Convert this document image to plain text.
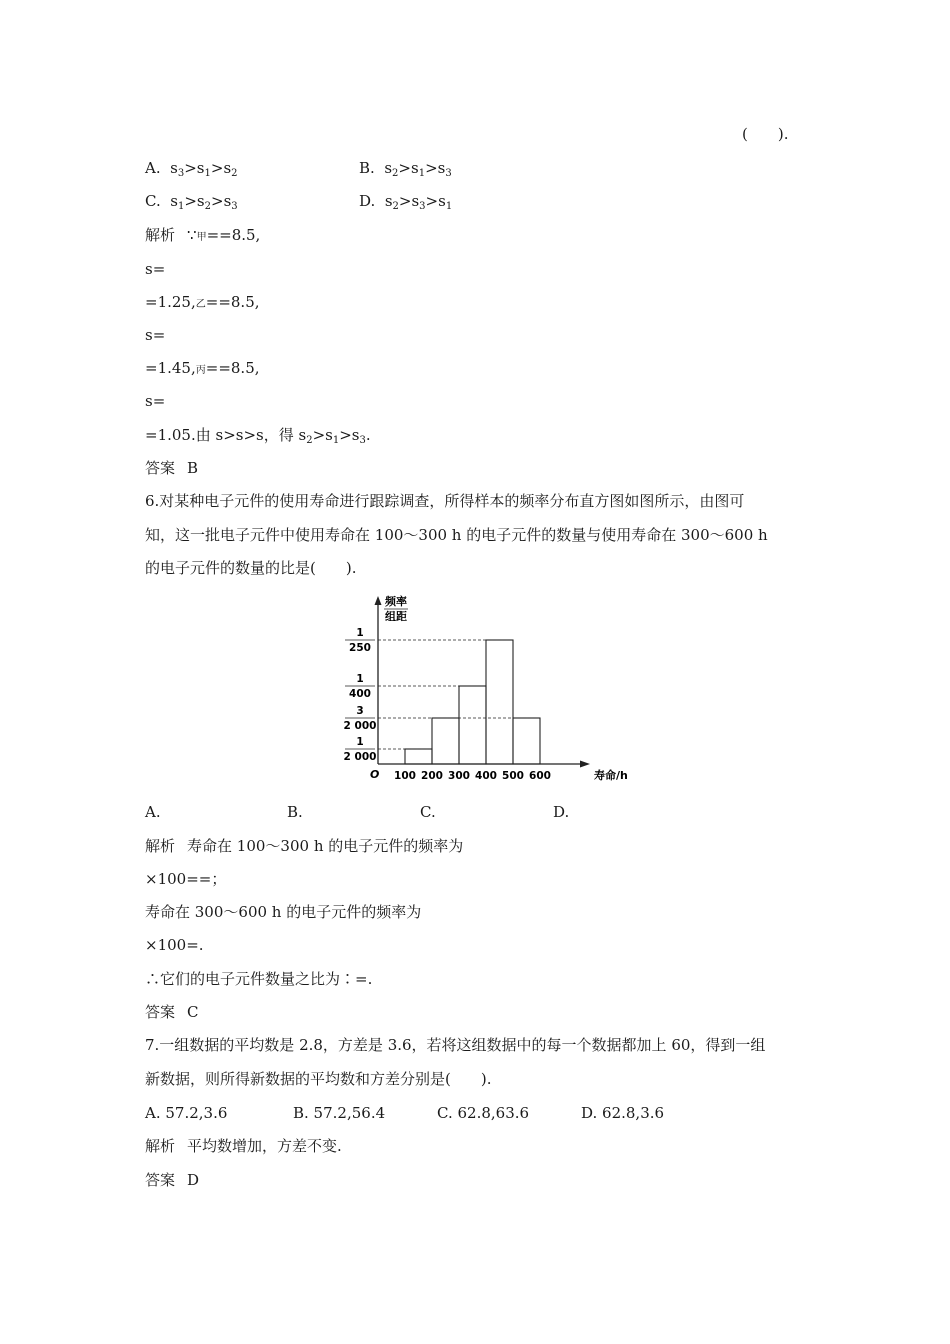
(　　).
A. $s_3>s_1>s_2$	B. $s_2>s_1>s_3$
C. $s_1>s_2>s_3$	D. $s_2>s_3>s_1$
解析 ∵甲==8.5,
s=
=1.25,乙==8.5,
s=
=1.45,丙==8.5,
s=
=1.05.由 s>s>s，得 $s_2>s_1>s_3$.
答案 B
6.对某种电子元件的使用寿命进行跟踪调查，所得样本的频率分布直方图如图所示，由图可
知，这一批电子元件中使用寿命在 100～300 h 的电子元件的数量与使用寿命在 300～600 h
的电子元件的数量的比是(　　).
频率
组距
O	寿命/h
100 200 300 400 500 600
1
2 000
3
2 000
1
400
1
250
A.	B.	C.	D.
解析 寿命在 100～300 h 的电子元件的频率为
×100==；
寿命在 300～600 h 的电子元件的频率为
×100=.
∴它们的电子元件数量之比为∶=.
答案 C
7.一组数据的平均数是 2.8，方差是 3.6，若将这组数据中的每一个数据都加上 60，得到一组
新数据，则所得新数据的平均数和方差分别是(　　).
A. 57.2,3.6	B. 57.2,56.4	C. 62.8,63.6	D. 62.8,3.6
解析 平均数增加，方差不变.
答案 D
